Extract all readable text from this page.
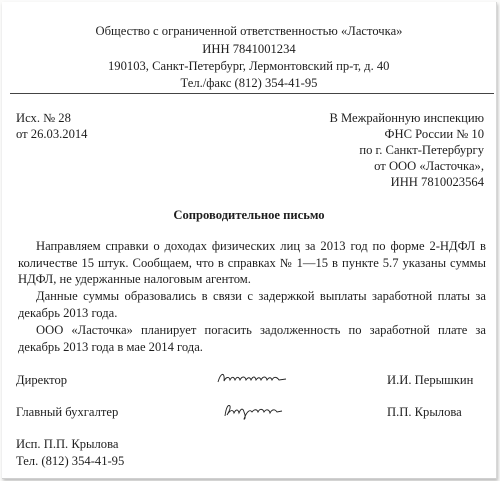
Общество с ограниченной ответственностью «Ласточка»
ИНН 7841001234
190103, Санкт-Петербург, Лермонтовский пр-т, д. 40
Тел./факс (812) 354-41-95
Исх. № 28
от 26.03.2014
В Межрайонную инспекцию
ФНС России № 10
по г. Санкт-Петербургу
от ООО «Ласточка»,
ИНН 7810023564
Сопроводительное письмо
Направляем справки о доходах физических лиц за 2013 год по форме 2-НДФЛ в количестве 15 штук. Сообщаем, что в справках № 1—15 в пункте 5.7 указаны суммы НДФЛ, не удержанные налоговым агентом.
Данные суммы образовались в связи с задержкой выплаты заработной платы за декабрь 2013 года.
ООО «Ласточка» планирует погасить задолженность по заработной плате за декабрь 2013 года в мае 2014 года.
Директор	И.И. Перышкин
Главный бухгалтер	П.П. Крылова
Исп. П.П. Крылова
Тел. (812) 354-41-95
